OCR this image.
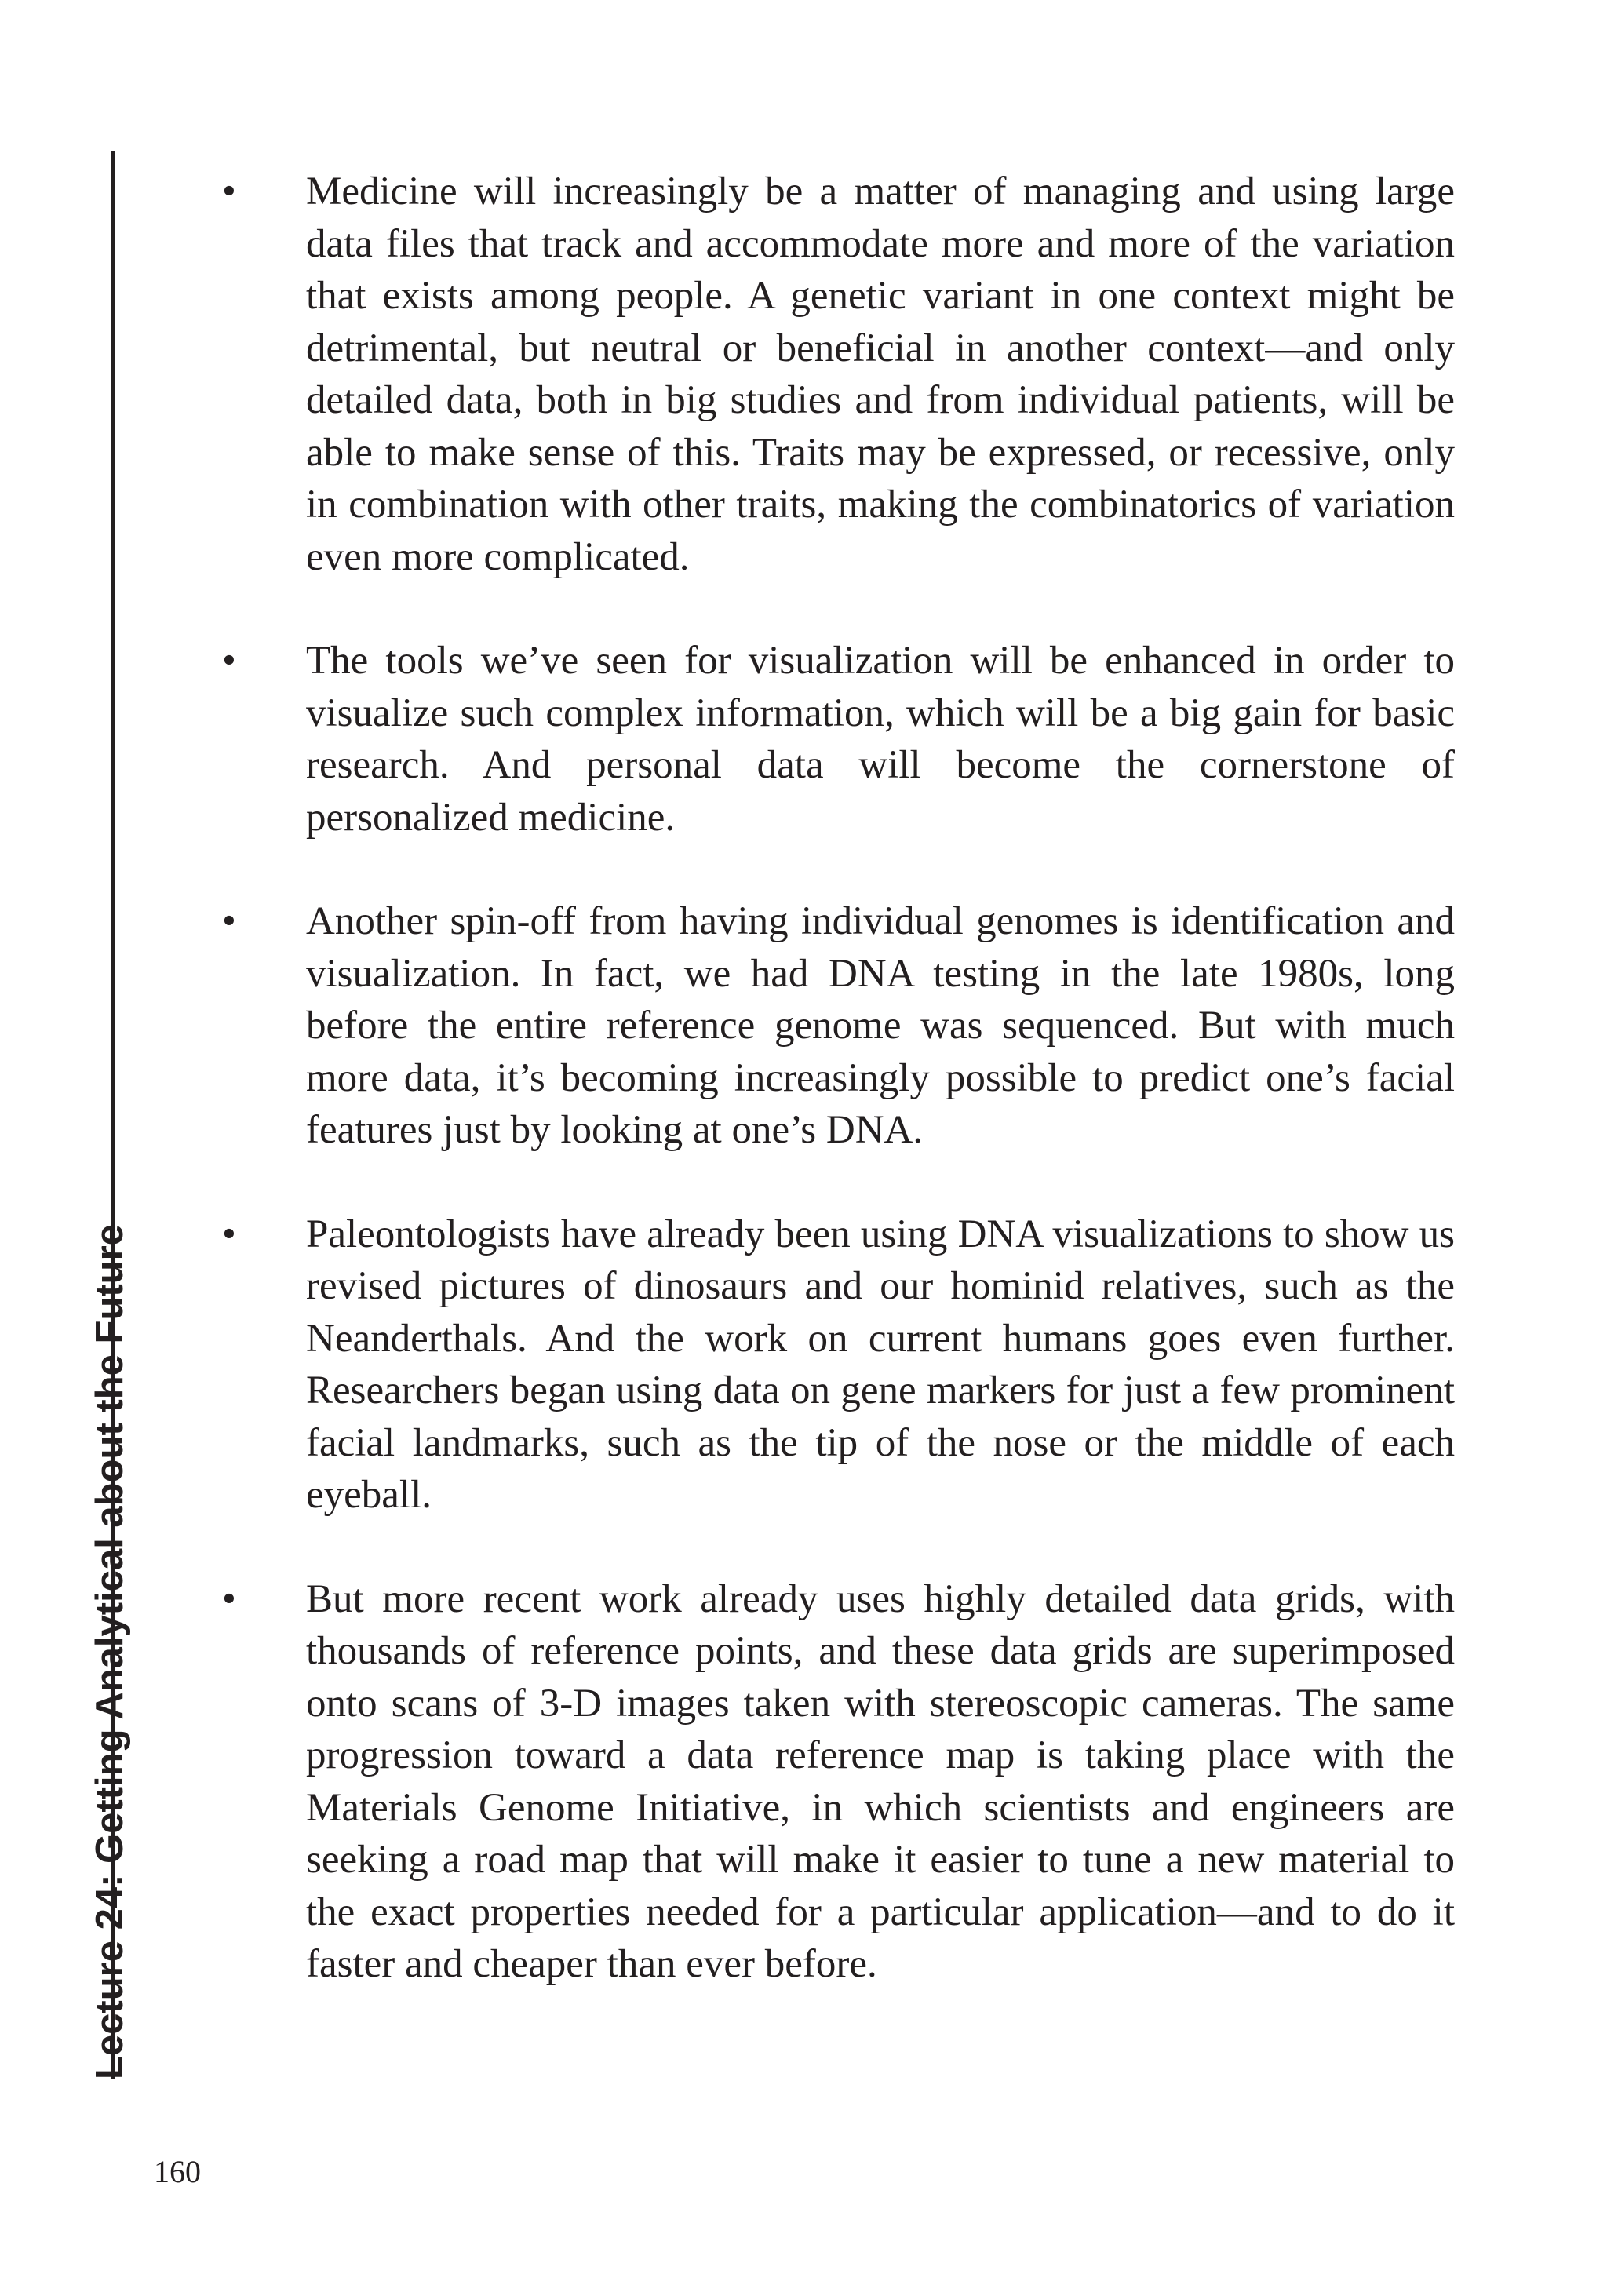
Lecture 24: Getting Analytical about the Future
• Medicine will increasingly be a matter of managing and using large data files that track and accommodate more and more of the variation that exists among people. A genetic variant in one context might be detrimental, but neutral or beneficial in another context—and only detailed data, both in big studies and from individual patients, will be able to make sense of this. Traits may be expressed, or recessive, only in combination with other traits, making the combinatorics of variation even more complicated.
• The tools we’ve seen for visualization will be enhanced in order to visualize such complex information, which will be a big gain for basic research. And personal data will become the cornerstone of personalized medicine.
• Another spin-off from having individual genomes is identification and visualization. In fact, we had DNA testing in the late 1980s, long before the entire reference genome was sequenced. But with much more data, it’s becoming increasingly possible to predict one’s facial features just by looking at one’s DNA.
• Paleontologists have already been using DNA visualizations to show us revised pictures of dinosaurs and our hominid relatives, such as the Neanderthals. And the work on current humans goes even further. Researchers began using data on gene markers for just a few prominent facial landmarks, such as the tip of the nose or the middle of each eyeball.
• But more recent work already uses highly detailed data grids, with thousands of reference points, and these data grids are superimposed onto scans of 3-D images taken with stereoscopic cameras. The same progression toward a data reference map is taking place with the Materials Genome Initiative, in which scientists and engineers are seeking a road map that will make it easier to tune a new material to the exact properties needed for a particular application—and to do it faster and cheaper than ever before.
160
